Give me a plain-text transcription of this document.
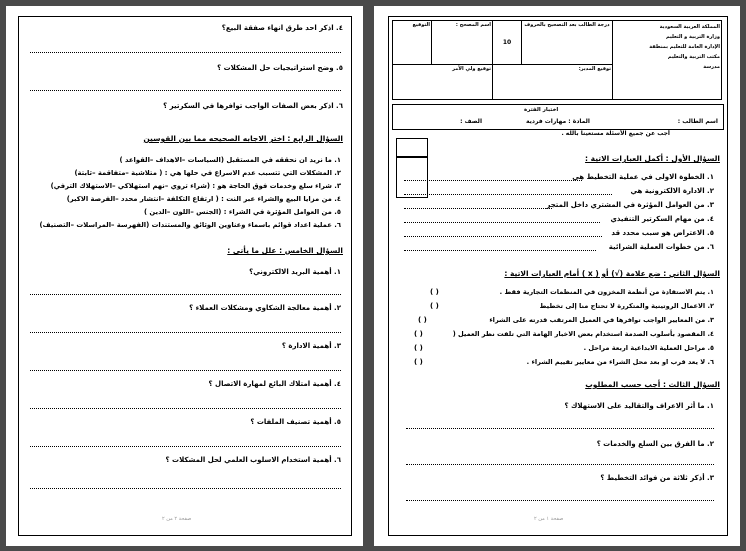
٤. اذكر احد طرق انهاء صفقة البيع؟
٥. وضح استراتيجيات حل المشكلات ؟
٦. اذكر بعض الصفات الواجب توافرها في السكرتير ؟
السؤال الرابع : اختر الاجابه الصحيحه مما بين القوسين
١. ما نريد ان نحققه في المستقبل (السياسات –الاهداف –القواعد )
٢. المشكلات التي تتسبب عدم الاسراع في حلها هي : ( متلاشية –متفاقمة –ثابتة)
٣. شراء سلع وخدمات فوق الحاجة هو : (شراء تروي –نهم استهلاكي –الاستهلاك الترفي)
٤. من مزايا البيع والشراء عبر النت : ( ارتفاع التكلفة –انتشار محدد –الفرصة الاكبر)
٥. من العوامل المؤثرة في الشراء : (الجنس –اللون –الدين )
٦. عملية اعداد قوائم باسماء وعناوين الوثائق والمستندات (الفهرسة –المراسلات –التصنيف)
السؤال الخامس : علل ما يأتى :
١. أهمية البريد الالكتروني؟
٢. أهمية معالجة الشكاوي ومشكلات العملاء ؟
٣. أهمية الادارة ؟
٤. أهمية امتلاك البائع لمهارة الاتصال ؟
٥. أهمية تصنيف الملفات ؟
٦. أهمية استخدام الاسلوب العلمي لحل المشكلات ؟
صفحة ٢ من ٢
التوقيع	اسم المصحح :	10	درجة الطالب بعد التصحيح بالحروف	المملكة العربية السعودية
وزارة التربية و التعليم
الإدارة العامة للتعليم بمنطقة
مكتب التربية والتعليم
مدرسة

توقيع ولي الأمر		توقيع المدير:		
اختبار الفترة
اسم الطالب :
المادة : مهارات فردية
الصف :
أجب عن جميع الأسئلة مستعينا بالله .
السؤال الأول : أكمل العبارات الاتية :
١. الخطوة الاولى في عملية التخطيط هي
٢. الادارة الالكترونية هي
٣. من العوامل المؤثرة في المشتري داخل المتجر
٤. من مهام السكرتير التنفيذي
٥. الاعتراض هو سبب محدد قد
٦. من خطوات العملية الشرائية
السؤال الثاني : ضع علامة (√) أو ( x ) أمام العبارات الاتية :
١. يتم الاستفادة من أنظمة المخزون في المنظمات التجارية فقط .
( )
٢. الاعمال الروتينية والمتكررة لا تحتاج منا إلى تخطيط
( )
٣. من المعايير الواجب توافرها في العميل المرتقب قدرته على الشراء
( )
٤. المقصود بأسلوب الصدمة استخدام بعض الاخبار الهامة التي تلفت نظر العميل (
( )
٥. مراحل العملية الابداعية اربعة مراحل .
( )
٦. لا يعد قرب او بعد محل الشراء من معايير تقييم الشراء .
( )
السؤال الثالث : أجب حسب المطلوب
١. ما أثر الاعراف والتقاليد على الاستهلاك ؟
٢. ما الفرق بين السلع والخدمات ؟
٣. أذكر ثلاثة من فوائد التخطيط ؟
صفحة ١ من ٢
